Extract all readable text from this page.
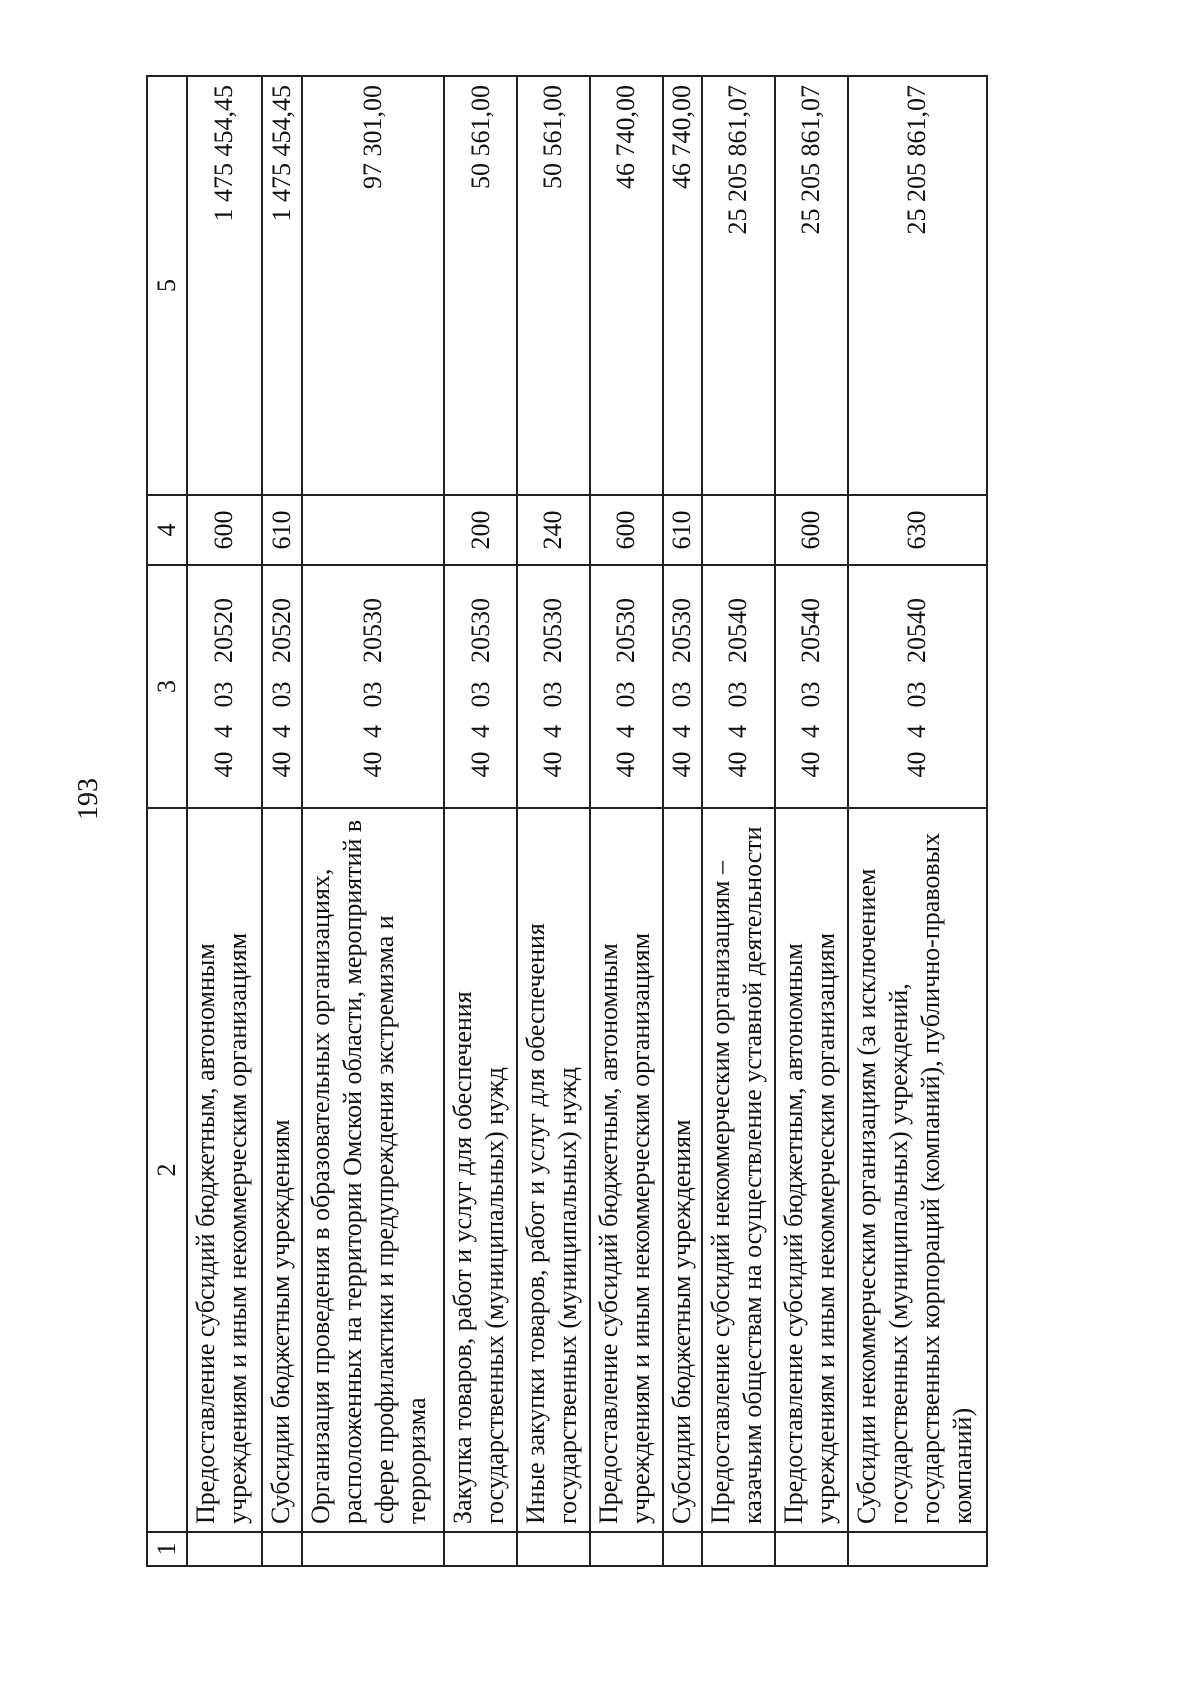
193
1	2	3	4	5
	Предоставление субсидий бюджетным, автономным учреждениям и иным некоммерческим организациям	4040320520	600	1 475 454,45
	Субсидии бюджетным учреждениям	4040320520	610	1 475 454,45
	Организация проведения в образовательных организациях, расположенных на территории Омской области, мероприятий в сфере профилактики и предупреждения экстремизма и терроризма	4040320530		97 301,00
	Закупка товаров, работ и услуг для обеспечения государственных (муниципальных) нужд	4040320530	200	50 561,00
	Иные закупки товаров, работ и услуг для обеспечения государственных (муниципальных) нужд	4040320530	240	50 561,00
	Предоставление субсидий бюджетным, автономным учреждениям и иным некоммерческим организациям	4040320530	600	46 740,00
	Субсидии бюджетным учреждениям	4040320530	610	46 740,00
	Предоставление субсидий некоммерческим организациям – казачьим обществам на осуществление уставной деятельности	4040320540		25 205 861,07
	Предоставление субсидий бюджетным, автономным учреждениям и иным некоммерческим организациям	4040320540	600	25 205 861,07
	Субсидии некоммерческим организациям (за исключением государственных (муниципальных) учреждений, государственных корпораций (компаний), публично-правовых компаний)	4040320540	630	25 205 861,07
